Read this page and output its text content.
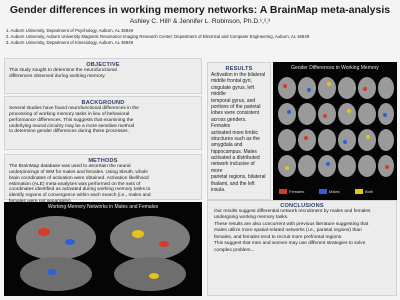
Gender differences in working memory networks: A BrainMap meta-analysis
Ashley C. Hill¹ & Jennifer L. Robinson, Ph.D.¹,²,³
1. Auburn University, Department of Psychology, Auburn, AL 36849
2. Auburn University, Auburn University Magnetic Resonance Imaging Research Center; Department of Electrical and Computer Engineering, Auburn, AL 36849
3. Auburn University, Department of Kinesiology, Auburn, AL 36849
OBJECTIVE
This study sought to determine the neurofunctional
differences observed during working memory.
BACKGROUND
Several studies have found neurofunctional differences in the
processing of working memory tasks in lieu of behavioral
performance differences. This suggests that examining the
underlying neural circuitry may be a more sensitive method
to determine gender differences during these processes.
METHODS
The BrainMap database was used to ascertain the neural
underpinnings of WM for males and females. Using Sleuth, whole
brain coordinates of activation were obtained. Activation likelihood
estimation (ALE) meta-analyses was performed on the sets of
coordinates identified as activated during working memory tasks to
identify regions of convergence within each search (i.e., males and
RESULTS
Activation in the bilateral
middle frontal gyri,
cingulate gyrus, left middle
temporal gyrus, and
portions of the parietal
lobes were consistent
across genders. Females
activated more limbic
structures such as the
amygdala and
hippocampus. Males
activated a distributed
network inclusive of more
parietal regions, bilateral
thalami, and the left
insula.
Gender Differences in Working Memory
Females	Males	Both
Working Memory Networks in Males and Females	CONCLUSIONS
Our results suggest differential network recruitment by males and females
undergoing working memory tasks.
These results are also concurrent with previous literature suggesting that
males utilize more spatial-related networks (i.e., parietal regions) than
females, and females tend to recruit more prefrontal regions.
This suggest that men and women may use different strategies to solve
complex problem...
